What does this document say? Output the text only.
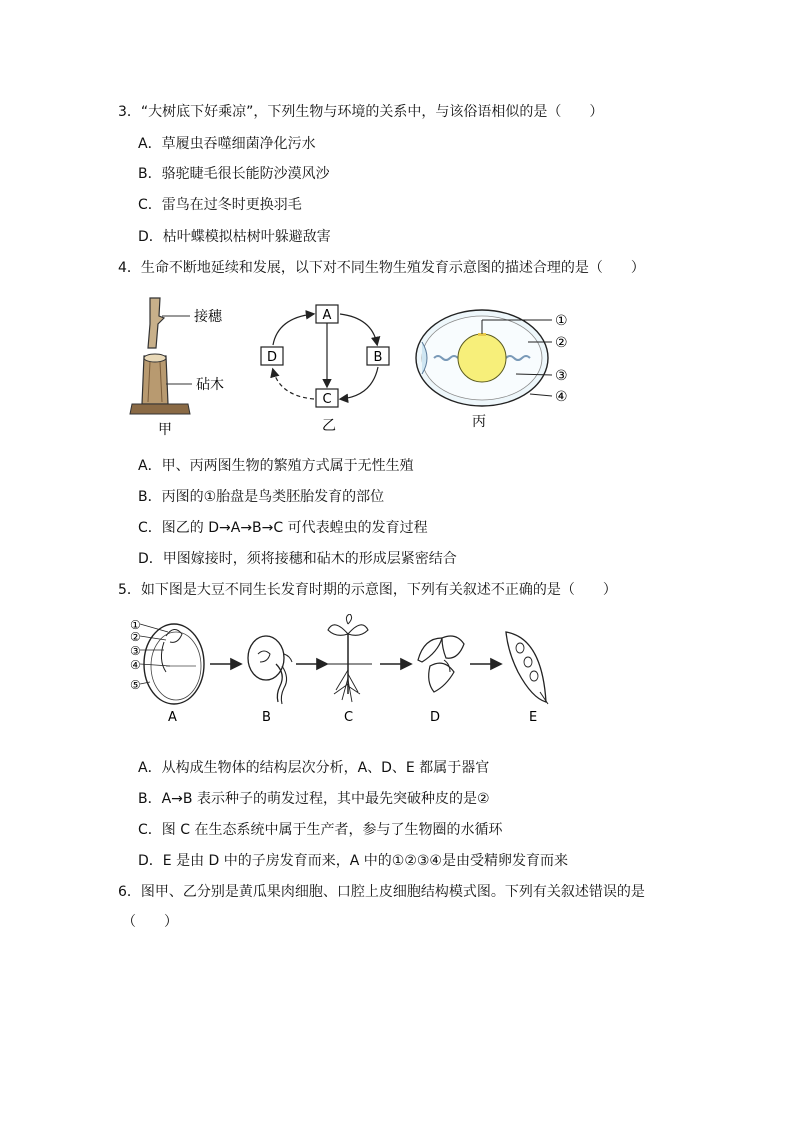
3．“大树底下好乘凉”，下列生物与环境的关系中，与该俗语相似的是（　　）
A．草履虫吞噬细菌净化污水
B．骆驼睫毛很长能防沙漠风沙
C．雷鸟在过冬时更换羽毛
D．枯叶蝶模拟枯树叶躲避敌害
4．生命不断地延续和发展，以下对不同生物生殖发育示意图的描述合理的是（　　）
接穗
砧木
甲
A
B
C
D
乙
①
②
③
④
丙
A．甲、丙两图生物的繁殖方式属于无性生殖
B．丙图的①胎盘是鸟类胚胎发育的部位
C．图乙的 D→A→B→C 可代表蝗虫的发育过程
D．甲图嫁接时，须将接穗和砧木的形成层紧密结合
5．如下图是大豆不同生长发育时期的示意图，下列有关叙述不正确的是（　　）
①
②
③
④
⑤
A	B	C	D	E
A．从构成生物体的结构层次分析，A、D、E 都属于器官
B．A→B 表示种子的萌发过程，其中最先突破种皮的是②
C．图 C 在生态系统中属于生产者，参与了生物圈的水循环
D．E 是由 D 中的子房发育而来，A 中的①②③④是由受精卵发育而来
6．图甲、乙分别是黄瓜果肉细胞、口腔上皮细胞结构模式图。下列有关叙述错误的是
（　　）
